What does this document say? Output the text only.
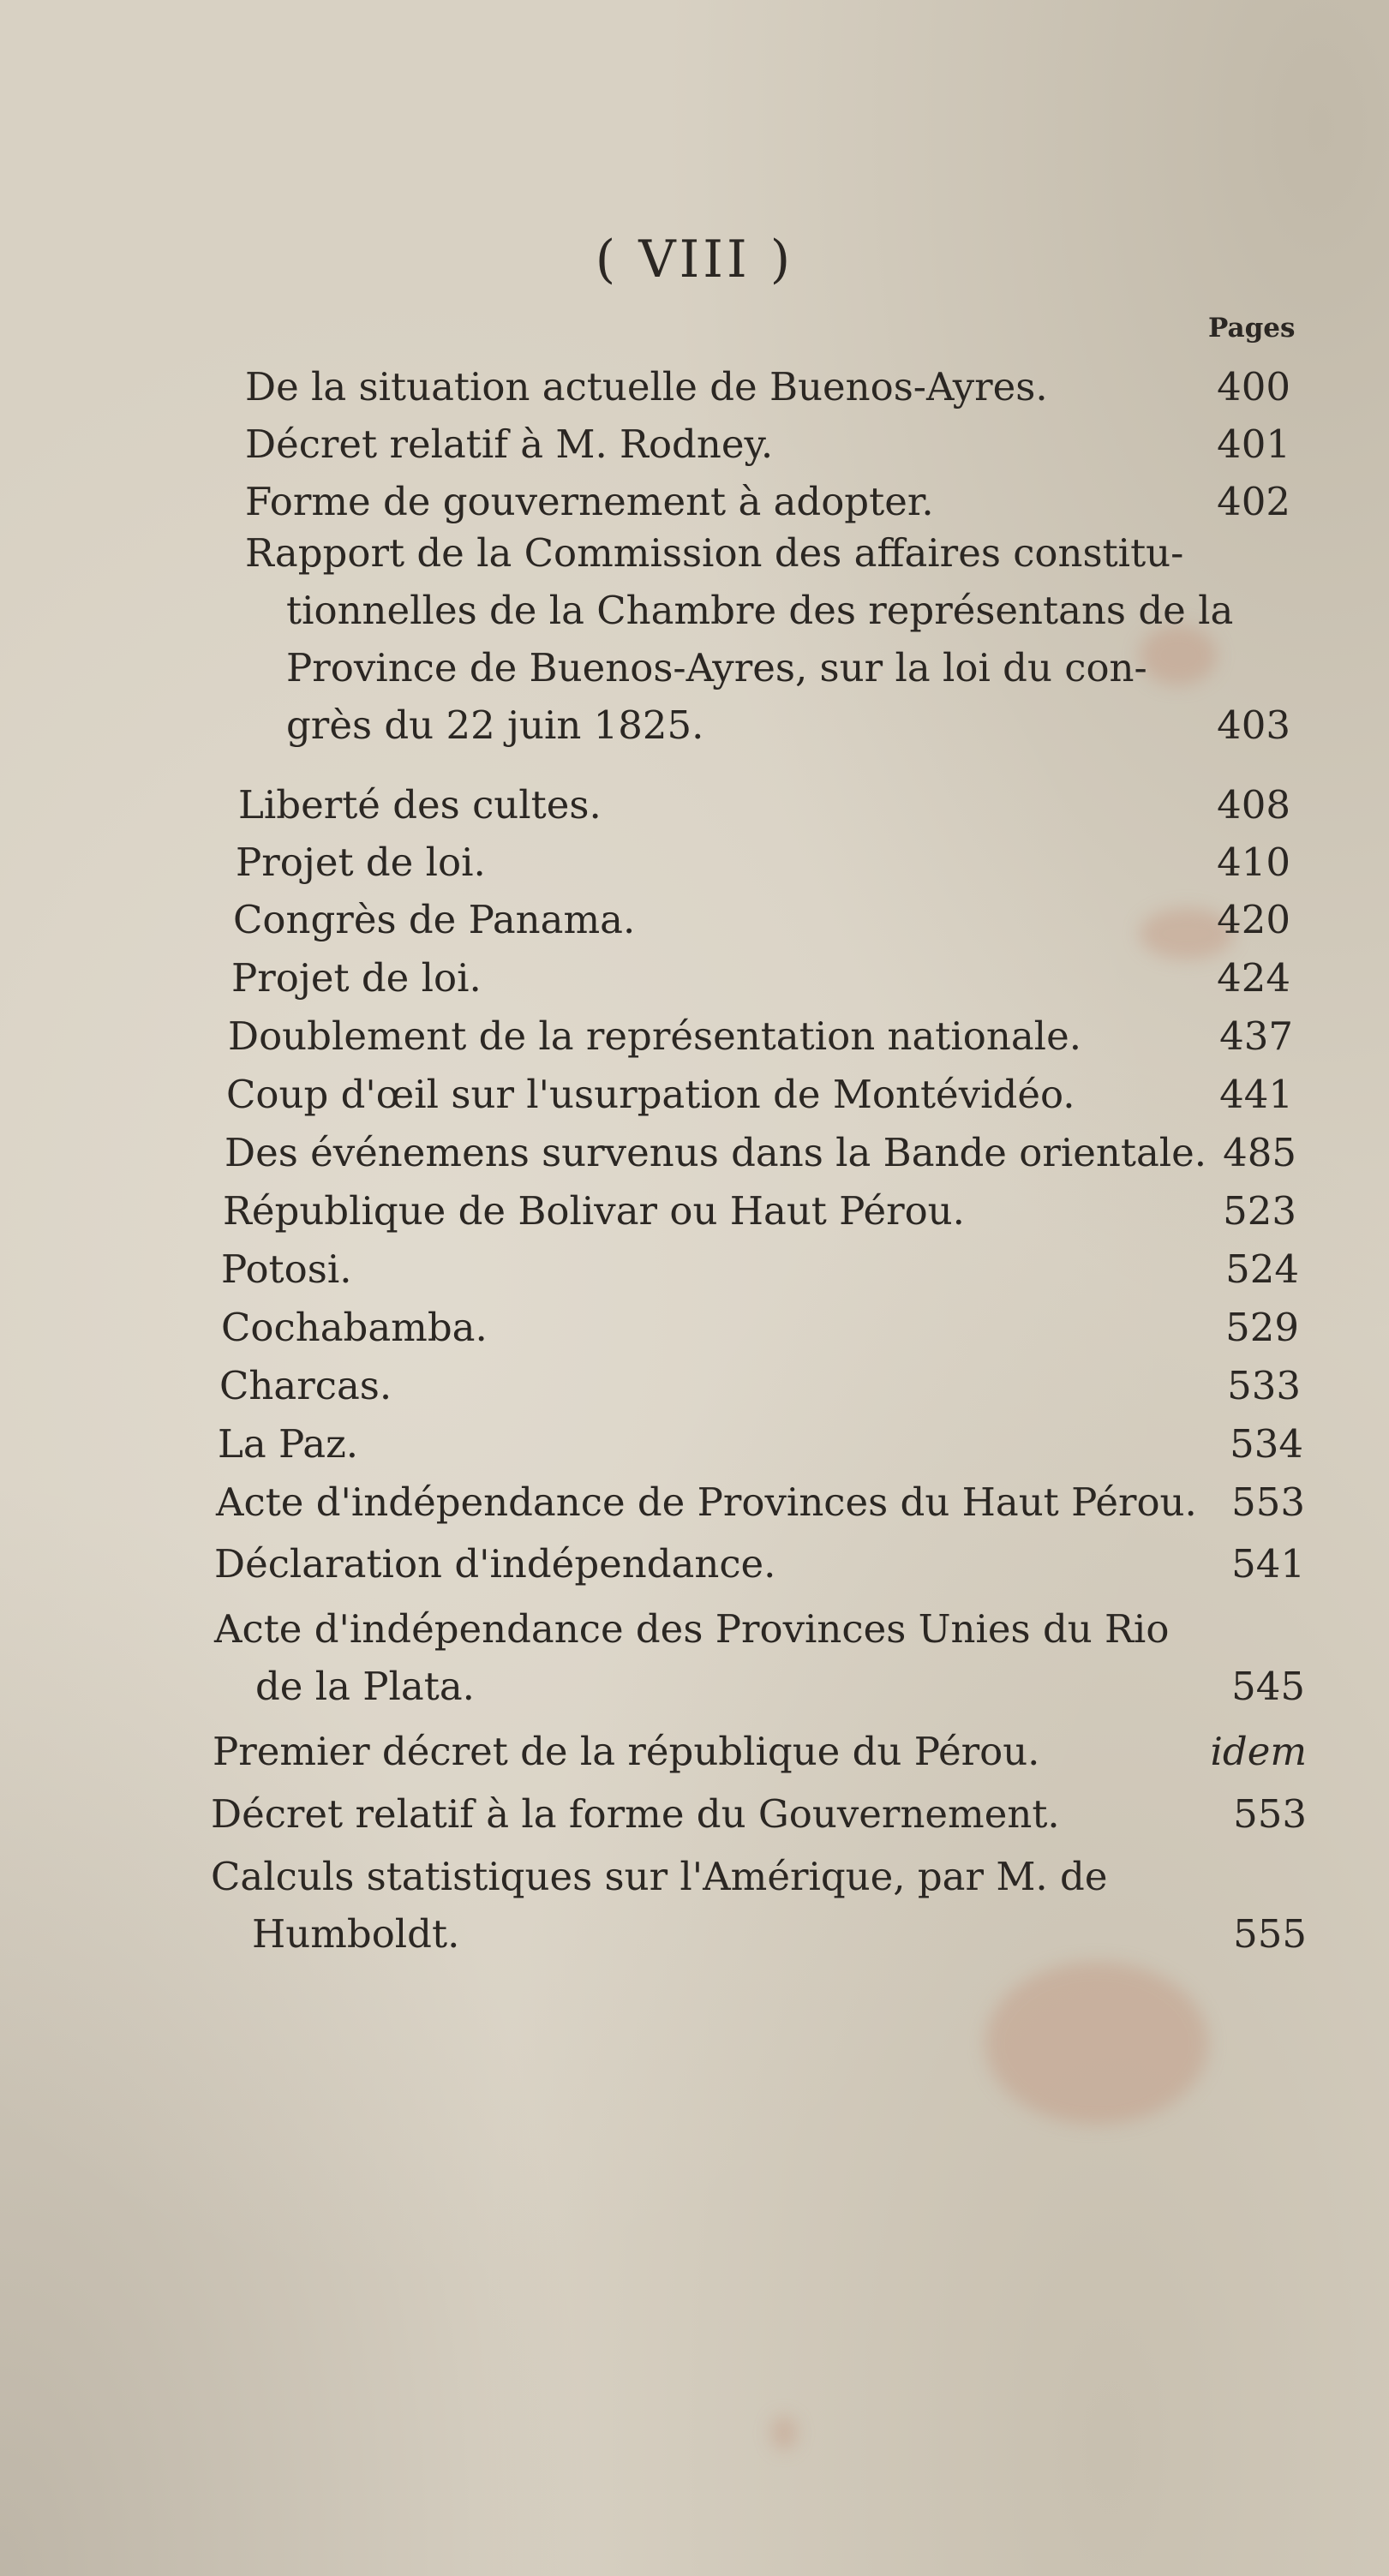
( VIII )
Pages
De la situation actuelle de Buenos-Ayres.	400
Décret relatif à M. Rodney.	401
Forme de gouvernement à adopter.	402
Rapport de la Commission des affaires constitu-
tionnelles de la Chambre des représentans de la
Province de Buenos-Ayres, sur la loi du con-
grès du 22 juin 1825.	403
Liberté des cultes.	408
Projet de loi.	410
Congrès de Panama.	420
Projet de loi.	424
Doublement de la représentation nationale.	437
Coup d'œil sur l'usurpation de Montévidéo.	441
Des événemens survenus dans la Bande orientale. 485
République de Bolivar ou Haut Pérou.	523
Potosi.	524
Cochabamba.	529
Charcas.	533
La Paz.	534
Acte d'indépendance de Provinces du Haut Pérou. 553
Déclaration d'indépendance.	541
Acte d'indépendance des Provinces Unies du Rio
de la Plata.	545
Premier décret de la république du Pérou.	idem
Décret relatif à la forme du Gouvernement.	553
Calculs statistiques sur l'Amérique, par M. de
Humboldt.	555
